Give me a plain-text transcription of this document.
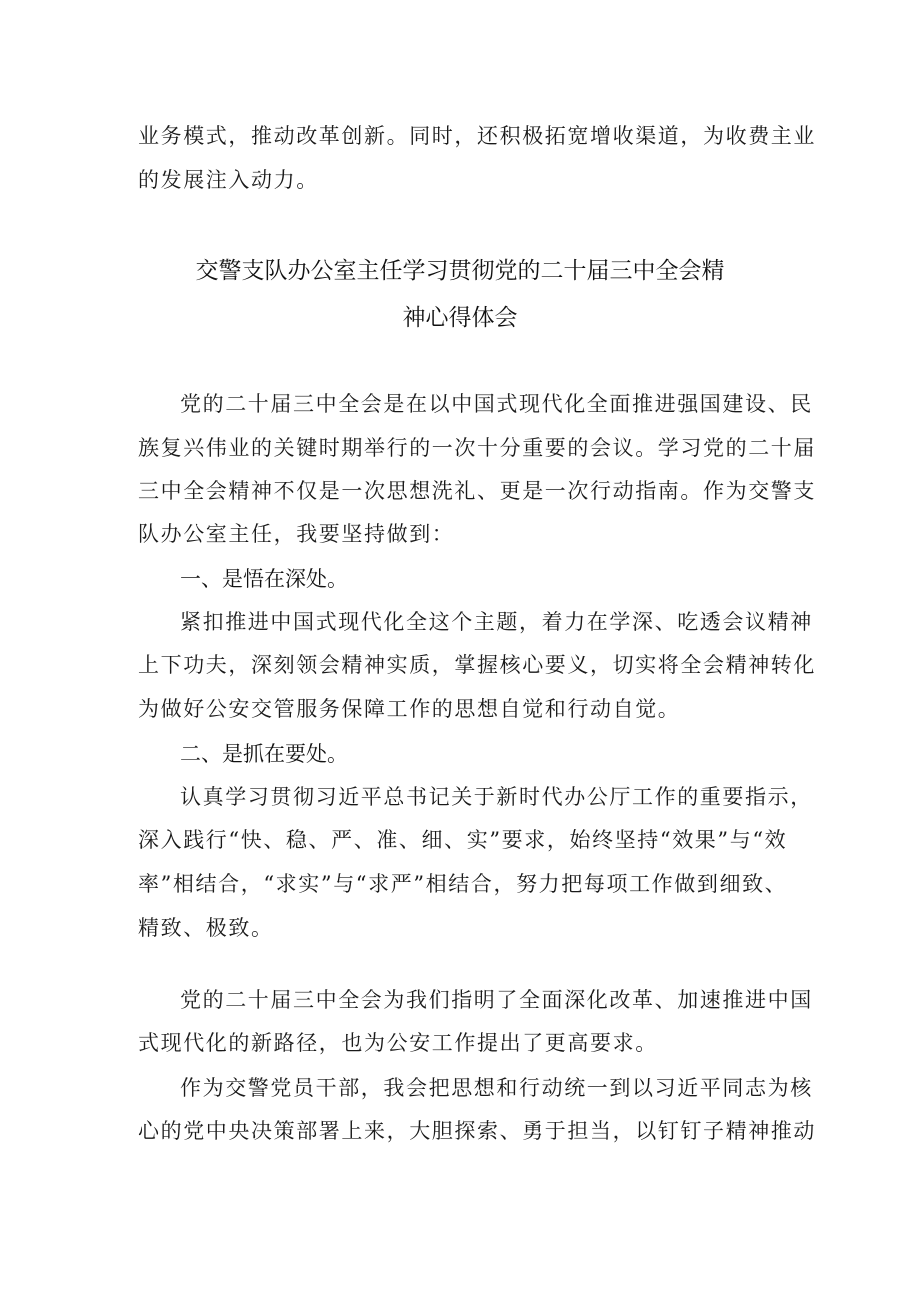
业务模式，推动改革创新。同时，还积极拓宽增收渠道，为收费主业
的发展注入动力。
交警支队办公室主任学习贯彻党的二十届三中全会精
神心得体会
党的二十届三中全会是在以中国式现代化全面推进强国建设、民
族复兴伟业的关键时期举行的一次十分重要的会议。学习党的二十届
三中全会精神不仅是一次思想洗礼、更是一次行动指南。作为交警支
队办公室主任，我要坚持做到：
一、是悟在深处。
紧扣推进中国式现代化全这个主题，着力在学深、吃透会议精神
上下功夫，深刻领会精神实质，掌握核心要义，切实将全会精神转化
为做好公安交管服务保障工作的思想自觉和行动自觉。
二、是抓在要处。
认真学习贯彻习近平总书记关于新时代办公厅工作的重要指示，
深入践行“快、稳、严、准、细、实”要求，始终坚持“效果”与“效
率”相结合，“求实”与“求严”相结合，努力把每项工作做到细致、
精致、极致。
党的二十届三中全会为我们指明了全面深化改革、加速推进中国
式现代化的新路径，也为公安工作提出了更高要求。
作为交警党员干部，我会把思想和行动统一到以习近平同志为核
心的党中央决策部署上来，大胆探索、勇于担当，以钉钉子精神推动
